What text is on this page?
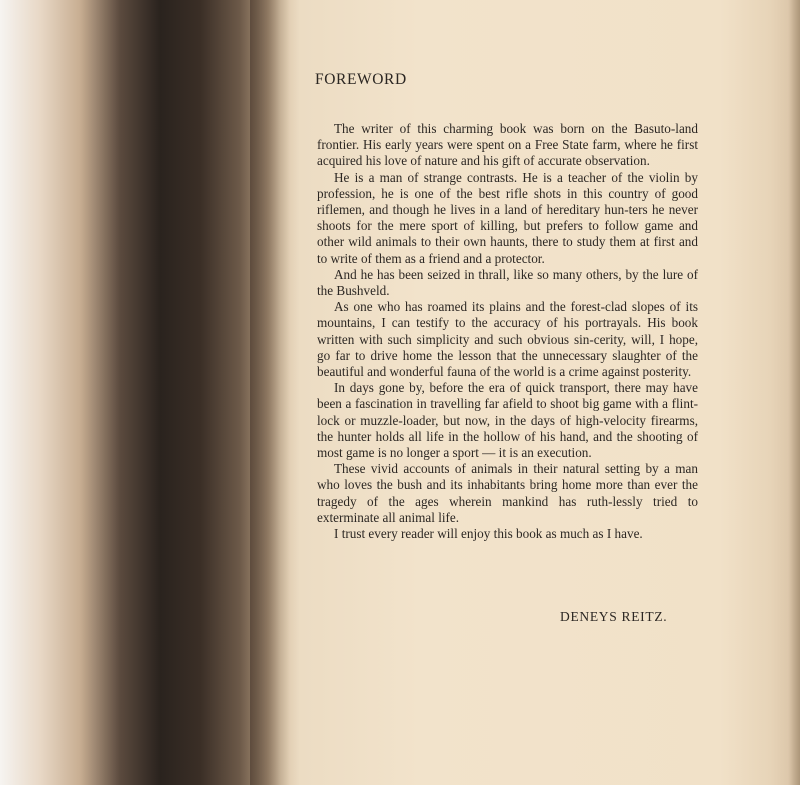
FOREWORD

The writer of this charming book was born on the Basuto-land frontier. His early years were spent on a Free State farm, where he first acquired his love of nature and his gift of accurate observation.

He is a man of strange contrasts. He is a teacher of the violin by profession, he is one of the best rifle shots in this country of good riflemen, and though he lives in a land of hereditary hun-ters he never shoots for the mere sport of killing, but prefers to follow game and other wild animals to their own haunts, there to study them at first and to write of them as a friend and a protector.

And he has been seized in thrall, like so many others, by the lure of the Bushveld.

As one who has roamed its plains and the forest-clad slopes of its mountains, I can testify to the accuracy of his portrayals. His book written with such simplicity and such obvious sin-cerity, will, I hope, go far to drive home the lesson that the unnecessary slaughter of the beautiful and wonderful fauna of the world is a crime against posterity.

In days gone by, before the era of quick transport, there may have been a fascination in travelling far afield to shoot big game with a flint-lock or muzzle-loader, but now, in the days of high-velocity firearms, the hunter holds all life in the hollow of his hand, and the shooting of most game is no longer a sport — it is an execution.

These vivid accounts of animals in their natural setting by a man who loves the bush and its inhabitants bring home more than ever the tragedy of the ages wherein mankind has ruth-lessly tried to exterminate all animal life.

I trust every reader will enjoy this book as much as I have.

DENEYS REITZ.
